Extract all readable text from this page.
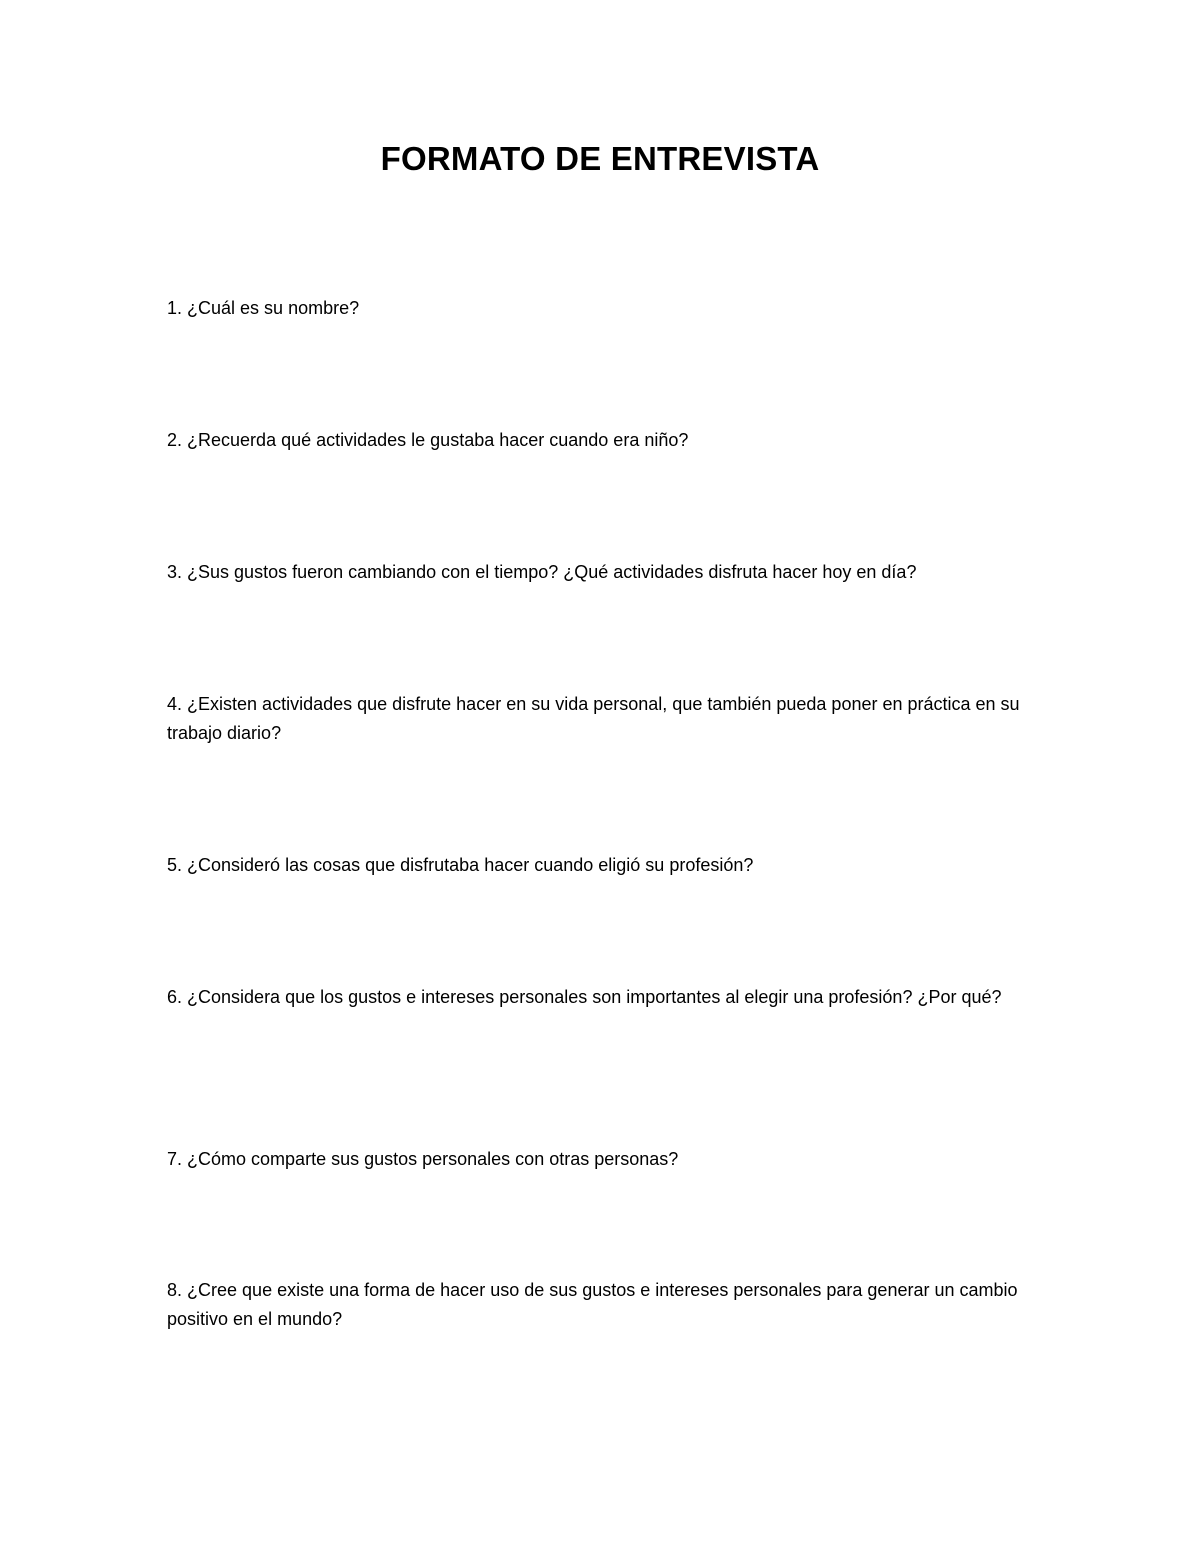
FORMATO DE ENTREVISTA

1. ¿Cuál es su nombre?

2. ¿Recuerda qué actividades le gustaba hacer cuando era niño?

3. ¿Sus gustos fueron cambiando con el tiempo? ¿Qué actividades disfruta hacer hoy en día?

4. ¿Existen actividades que disfrute hacer en su vida personal, que también pueda poner en práctica en su trabajo diario?

5. ¿Consideró las cosas que disfrutaba hacer cuando eligió su profesión?

6. ¿Considera que los gustos e intereses personales son importantes al elegir una profesión? ¿Por qué?

7. ¿Cómo comparte sus gustos personales con otras personas?

8. ¿Cree que existe una forma de hacer uso de sus gustos e intereses personales para generar un cambio positivo en el mundo?
